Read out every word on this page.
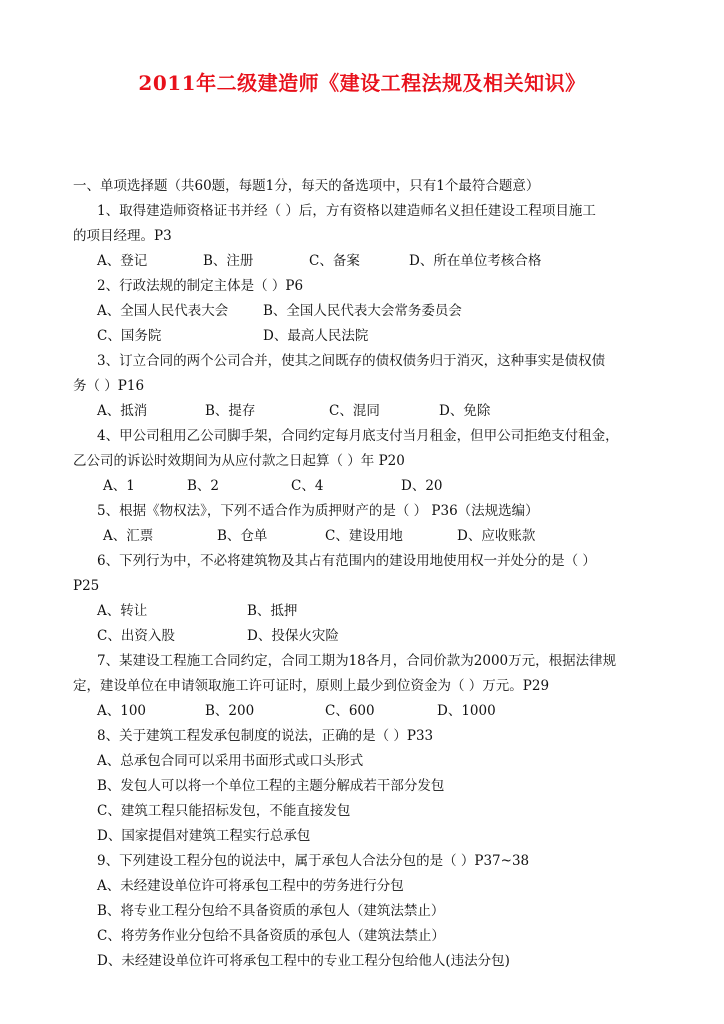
2011年二级建造师《建设工程法规及相关知识》
一、单项选择题（共60题，每题1分，每天的备选项中，只有1个最符合题意）
1、取得建造师资格证书并经（ ）后，方有资格以建造师名义担任建设工程项目施工
的项目经理。P3
A、登记	B、注册	C、备案	D、所在单位考核合格
2、行政法规的制定主体是（ ）P6
A、全国人民代表大会	B、全国人民代表大会常务委员会
C、国务院	D、最高人民法院
3、订立合同的两个公司合并，使其之间既存的债权债务归于消灭，这种事实是债权债
务（ ）P16
A、抵消	B、提存	C、混同	D、免除
4、甲公司租用乙公司脚手架，合同约定每月底支付当月租金，但甲公司拒绝支付租金，
乙公司的诉讼时效期间为从应付款之日起算（ ）年 P20
A、1	B、2	C、4	D、20
5、根据《物权法》，下列不适合作为质押财产的是（ ） P36（法规选编）
A、汇票	B、仓单	C、建设用地	D、应收账款
6、下列行为中，不必将建筑物及其占有范围内的建设用地使用权一并处分的是（ ）
P25
A、转让	B、抵押
C、出资入股	D、投保火灾险
7、某建设工程施工合同约定，合同工期为18各月，合同价款为2000万元，根据法律规
定，建设单位在申请领取施工许可证时，原则上最少到位资金为（ ）万元。P29
A、100	B、200	C、600	D、1000
8、关于建筑工程发承包制度的说法，正确的是（ ）P33
A、总承包合同可以采用书面形式或口头形式
B、发包人可以将一个单位工程的主题分解成若干部分发包
C、建筑工程只能招标发包，不能直接发包
D、国家提倡对建筑工程实行总承包
9、下列建设工程分包的说法中，属于承包人合法分包的是（ ）P37~38
A、未经建设单位许可将承包工程中的劳务进行分包
B、将专业工程分包给不具备资质的承包人（建筑法禁止）
C、将劳务作业分包给不具备资质的承包人（建筑法禁止）
D、未经建设单位许可将承包工程中的专业工程分包给他人(违法分包)
